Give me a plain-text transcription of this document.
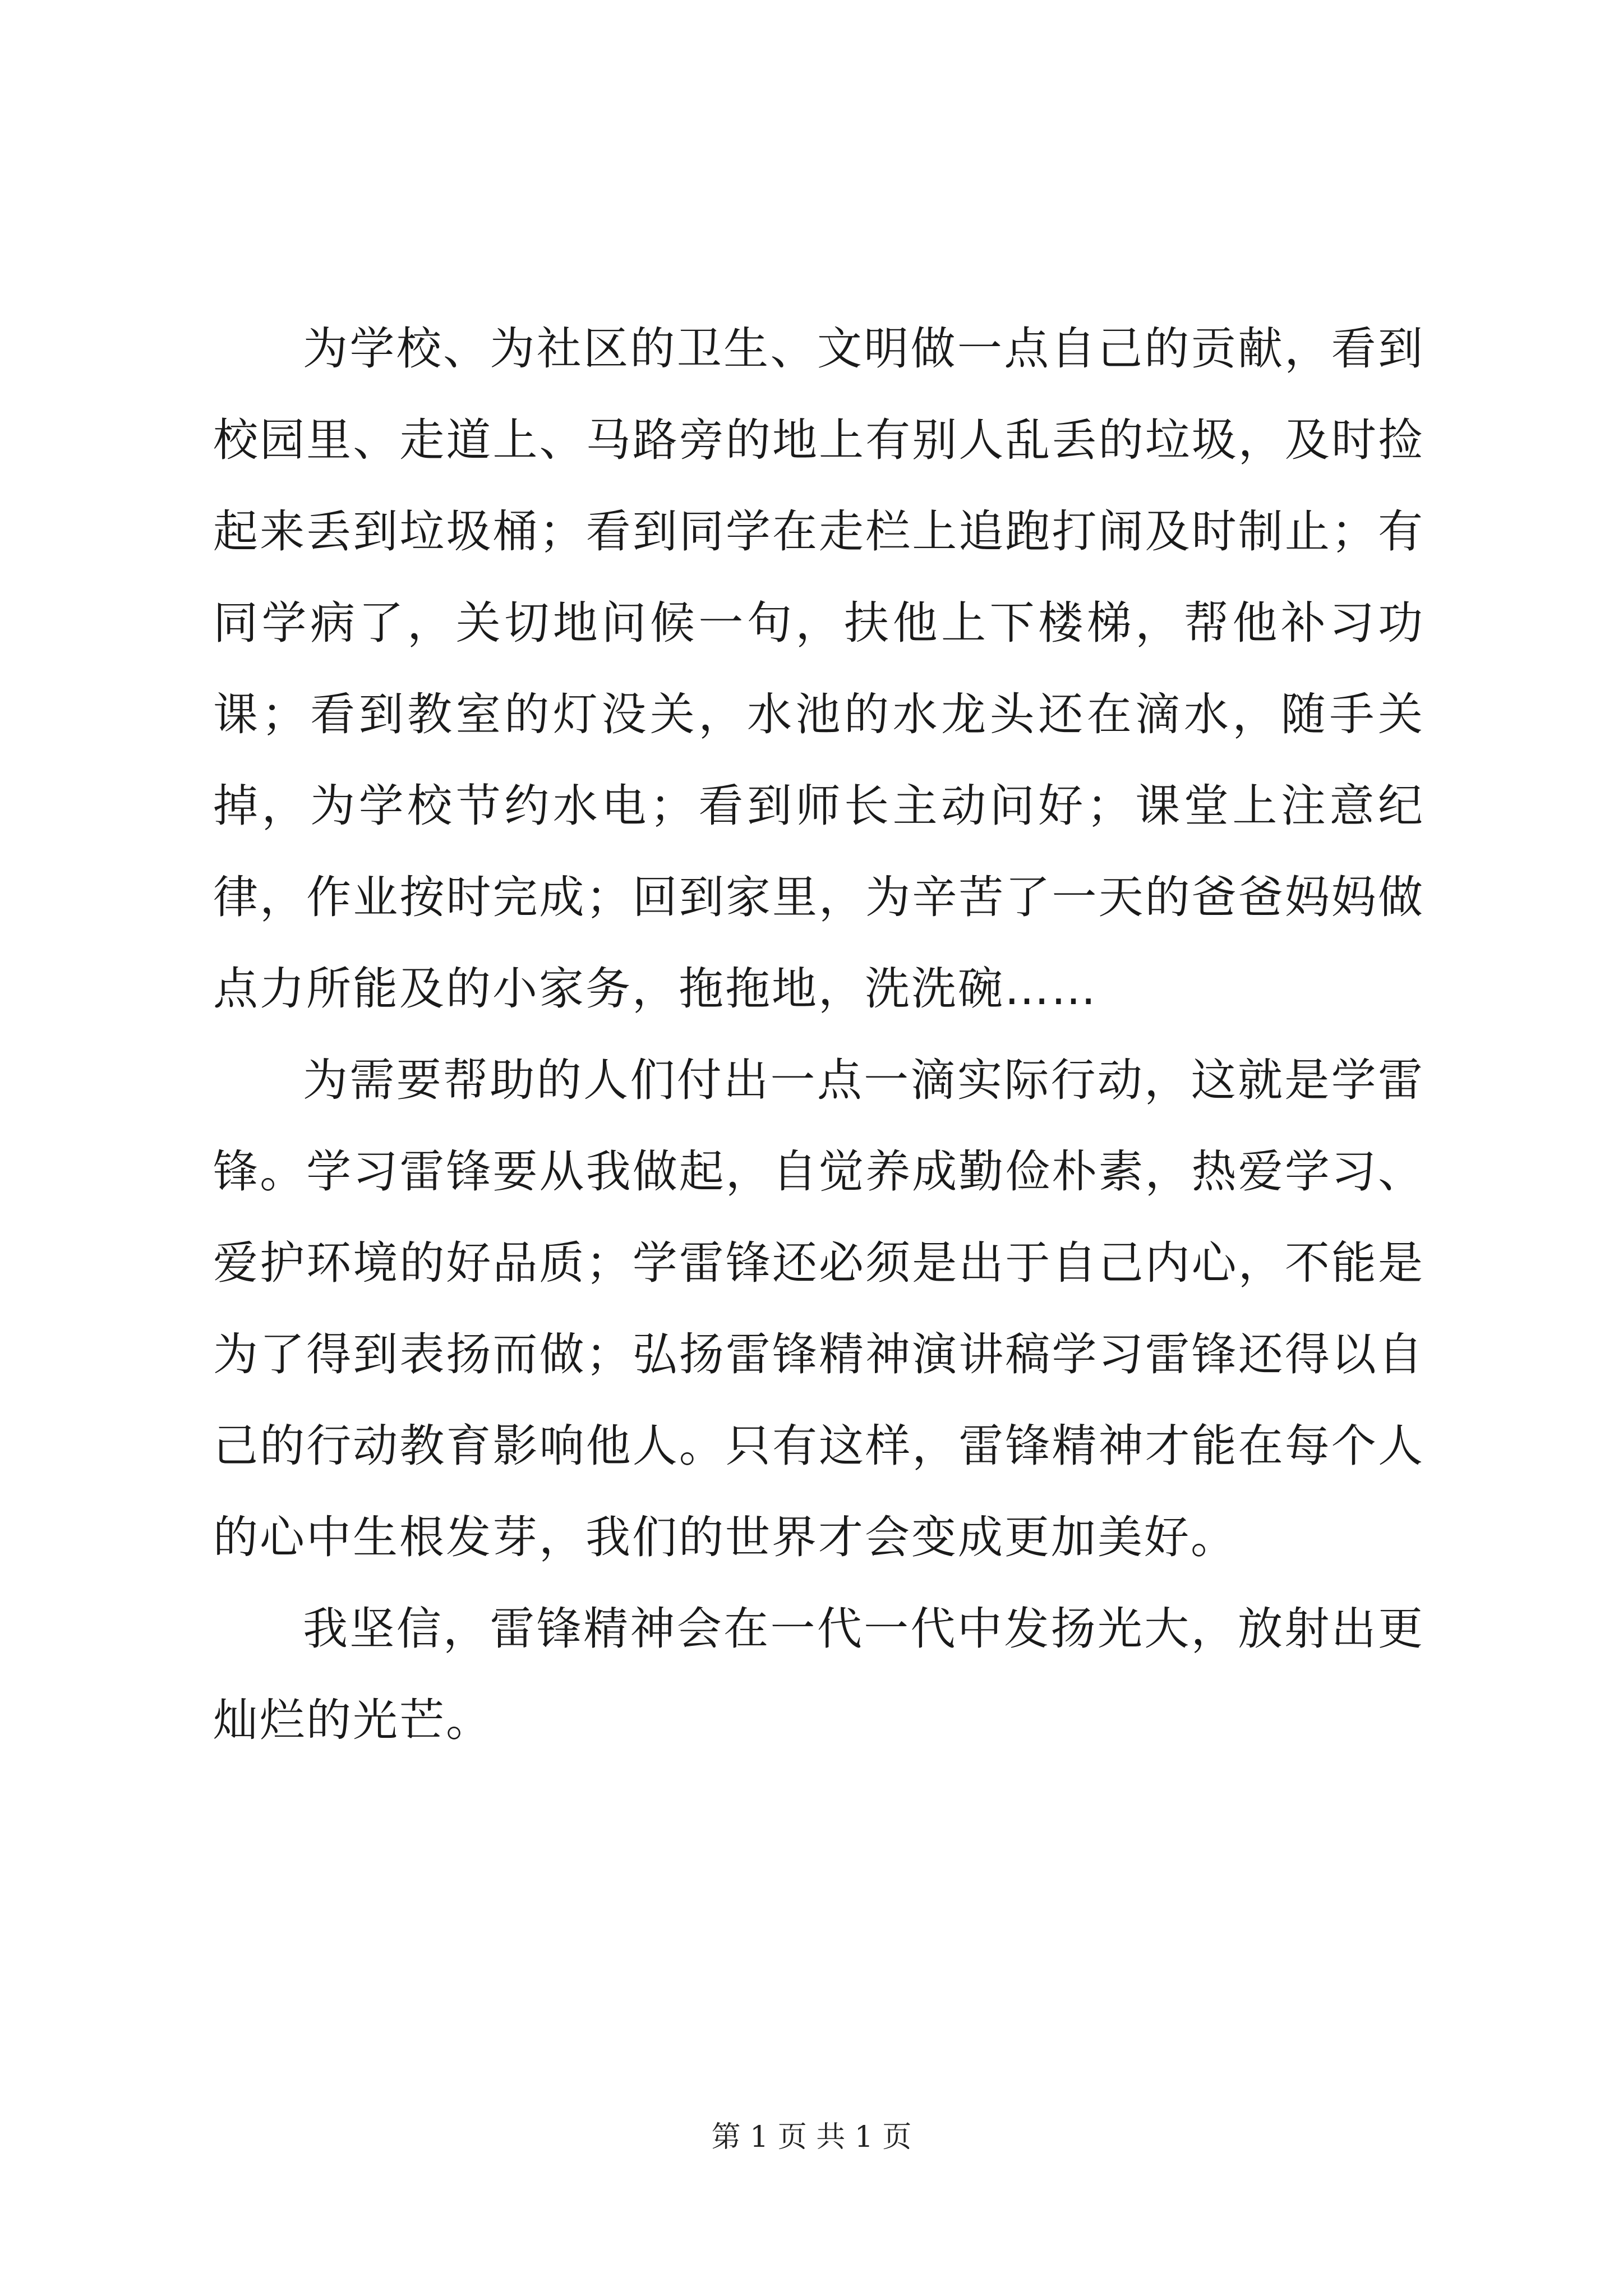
为学校、为社区的卫生、文明做一点自己的贡献，看到校园里、走道上、马路旁的地上有别人乱丢的垃圾，及时捡起来丢到垃圾桶；看到同学在走栏上追跑打闹及时制止；有同学病了，关切地问候一句，扶他上下楼梯，帮他补习功课；看到教室的灯没关，水池的水龙头还在滴水，随手关掉，为学校节约水电；看到师长主动问好；课堂上注意纪律，作业按时完成；回到家里，为辛苦了一天的爸爸妈妈做点力所能及的小家务，拖拖地，洗洗碗……

为需要帮助的人们付出一点一滴实际行动，这就是学雷锋。学习雷锋要从我做起，自觉养成勤俭朴素，热爱学习、爱护环境的好品质；学雷锋还必须是出于自己内心，不能是为了得到表扬而做；弘扬雷锋精神演讲稿学习雷锋还得以自己的行动教育影响他人。只有这样，雷锋精神才能在每个人的心中生根发芽，我们的世界才会变成更加美好。

我坚信，雷锋精神会在一代一代中发扬光大，放射出更灿烂的光芒。

第 1 页 共 1 页
